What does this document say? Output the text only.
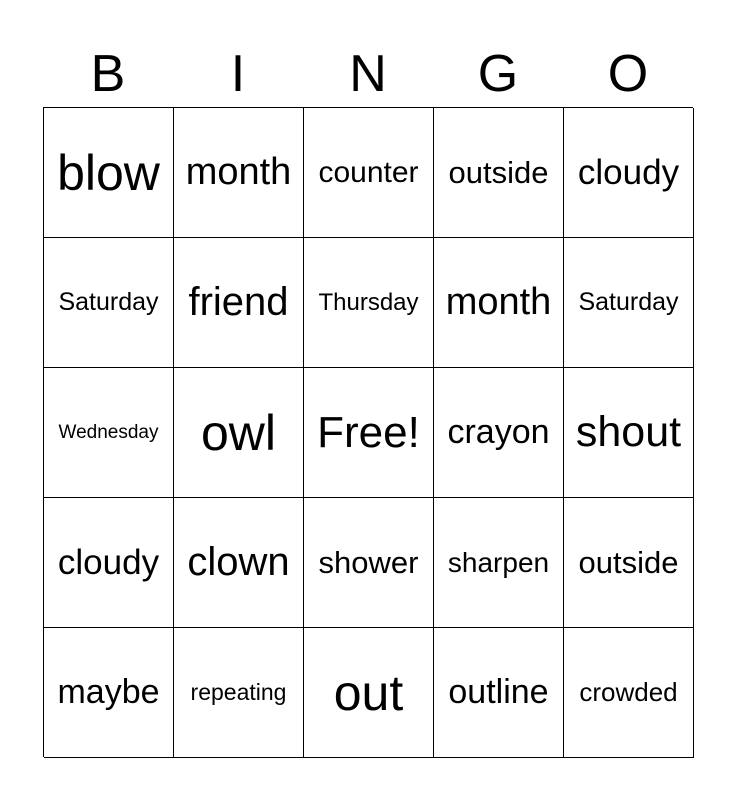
B	I	N	G	O
blow month counter outside cloudy
Saturday friend Thursday month Saturday
Wednesday owl Free! crayon shout
cloudy clown shower sharpen outside
maybe repeating out outline crowded
